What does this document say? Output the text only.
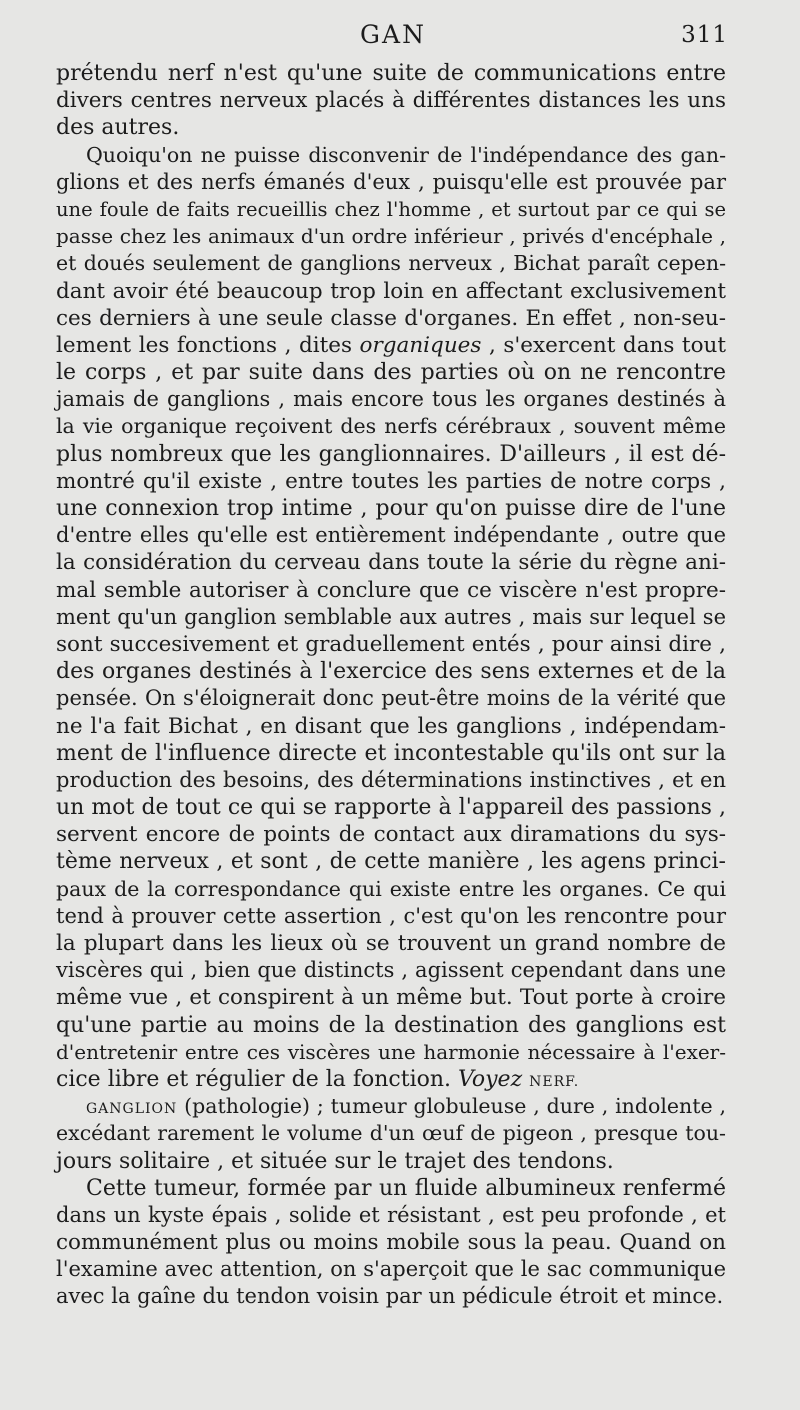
GAN	311
prétendu nerf n'est qu'une suite de communications entre
divers centres nerveux placés à différentes distances les uns
des autres.
Quoiqu'on ne puisse disconvenir de l'indépendance des gan-
glions et des nerfs émanés d'eux , puisqu'elle est prouvée par
une foule de faits recueillis chez l'homme , et surtout par ce qui se
passe chez les animaux d'un ordre inférieur , privés d'encéphale ,
et doués seulement de ganglions nerveux , Bichat paraît cepen-
dant avoir été beaucoup trop loin en affectant exclusivement
ces derniers à une seule classe d'organes. En effet , non-seu-
lement les fonctions , dites organiques , s'exercent dans tout
le corps , et par suite dans des parties où on ne rencontre
jamais de ganglions , mais encore tous les organes destinés à
la vie organique reçoivent des nerfs cérébraux , souvent même
plus nombreux que les ganglionnaires. D'ailleurs , il est dé-
montré qu'il existe , entre toutes les parties de notre corps ,
une connexion trop intime , pour qu'on puisse dire de l'une
d'entre elles qu'elle est entièrement indépendante , outre que
la considération du cerveau dans toute la série du règne ani-
mal semble autoriser à conclure que ce viscère n'est propre-
ment qu'un ganglion semblable aux autres , mais sur lequel se
sont succesivement et graduellement entés , pour ainsi dire ,
des organes destinés à l'exercice des sens externes et de la
pensée. On s'éloignerait donc peut-être moins de la vérité que
ne l'a fait Bichat , en disant que les ganglions , indépendam-
ment de l'influence directe et incontestable qu'ils ont sur la
production des besoins, des déterminations instinctives , et en
un mot de tout ce qui se rapporte à l'appareil des passions ,
servent encore de points de contact aux diramations du sys-
tème nerveux , et sont , de cette manière , les agens princi-
paux de la correspondance qui existe entre les organes. Ce qui
tend à prouver cette assertion , c'est qu'on les rencontre pour
la plupart dans les lieux où se trouvent un grand nombre de
viscères qui , bien que distincts , agissent cependant dans une
même vue , et conspirent à un même but. Tout porte à croire
qu'une partie au moins de la destination des ganglions est
d'entretenir entre ces viscères une harmonie nécessaire à l'exer-
cice libre et régulier de la fonction. Voyez NERF.
GANGLION (pathologie) ; tumeur globuleuse , dure , indolente ,
excédant rarement le volume d'un œuf de pigeon , presque tou-
jours solitaire , et située sur le trajet des tendons.
Cette tumeur, formée par un fluide albumineux renfermé
dans un kyste épais , solide et résistant , est peu profonde , et
communément plus ou moins mobile sous la peau. Quand on
l'examine avec attention, on s'aperçoit que le sac communique
avec la gaîne du tendon voisin par un pédicule étroit et mince.
